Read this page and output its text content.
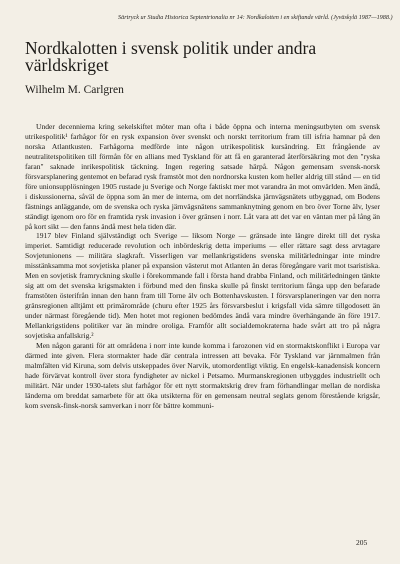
Särtryck ur Studia Historica Septentrionalia nr 14: Nordkalotten i en skiftande värld. (Jyväskylä 1987—1988.)
Nordkalotten i svensk politik under andra världskriget
Wilhelm M. Carlgren

Under decennierna kring sekelskiftet möter man ofta i både öppna och interna meningsutbyten om svensk utrikespolitik¹ farhågor för en rysk expansion över svenskt och norskt territorium fram till isfria hamnar på den norska Atlantkusten. Farhågorna medförde inte någon utrikespolitisk kursändring. Ett frångående av neutralitetspolitiken till förmån för en allians med Tyskland för att få en garanterad återförsäkring mot den "ryska faran" saknade inrikespolitisk täckning. Ingen regering satsade härpå. Någon gemensam svensk-norsk försvarsplanering gentemot en befarad rysk framstöt mot den nordnorska kusten kom heller aldrig till stånd — en tid före unionsupplösningen 1905 rustade ju Sverige och Norge faktiskt mer mot varandra än mot omvärlden. Men ändå, i diskussionerna, såväl de öppna som än mer de interna, om det norrländska järnvägsnätets utbyggnad, om Bodens fästnings anläggande, om de svenska och ryska järnvägsnätens sammanknytning genom en bro över Torne älv, lyser ständigt igenom oro för en framtida rysk invasion i över gränsen i norr. Låt vara att det var en väntan mer på lång än på kort sikt — den fanns ändå mest hela tiden där.

1917 blev Finland självständigt och Sverige — liksom Norge — gränsade inte längre direkt till det ryska imperiet. Samtidigt reducerade revolution och inbördeskrig detta imperiums — eller rättare sagt dess arvtagare Sovjetunionens — militära slagkraft. Visserligen var mellankrigstidens svenska militärledningar inte mindre misstänksamma mot sovjetiska planer på expansion västerut mot Atlanten än deras föregångare varit mot tsaristiska. Men en sovjetisk framryckning skulle i förekommande fall i första hand drabba Finland, och militärledningen tänkte sig att om det svenska krigsmakten i förbund med den finska skulle på finskt territorium fånga upp den befarade framstöten österifrån innan den hann fram till Torne älv och Bottenhavskusten. I försvarsplaneringen var den norra gränsregionen alltjämt ett primärområde (churu efter 1925 års försvarsbeslut i krigsfall vida sämre tillgodosett än under närmast föregående tid). Men hotet mot regionen bedömdes ändå vara mindre överhängande än före 1917. Mellankrigstidens politiker var än mindre oroliga. Framför allt socialdemokraterna hade svårt att tro på några sovjetiska anfallskrig.²

Men någon garanti för att områdena i norr inte kunde komma i farozonen vid en stormaktskonflikt i Europa var därmed inte given. Flera stormakter hade där centrala intressen att bevaka. För Tyskland var järnmalmen från malmfälten vid Kiruna, som delvis utskeppades över Narvik, utomordentligt viktig. En engelsk-kanadensisk koncern hade förvärvat kontroll över stora fyndigheter av nickel i Petsamo. Murmanskregionen utbyggdes industriellt och militärt. När under 1930-talets slut farhågor för ett nytt stormaktskrig drev fram förhandlingar mellan de nordiska länderna om breddat samarbete för att öka utsikterna för en gemensam neutral seglats genom förestående krigsår, kom svensk-finsk-norsk samverkan i norr för bättre kommuni-

205
